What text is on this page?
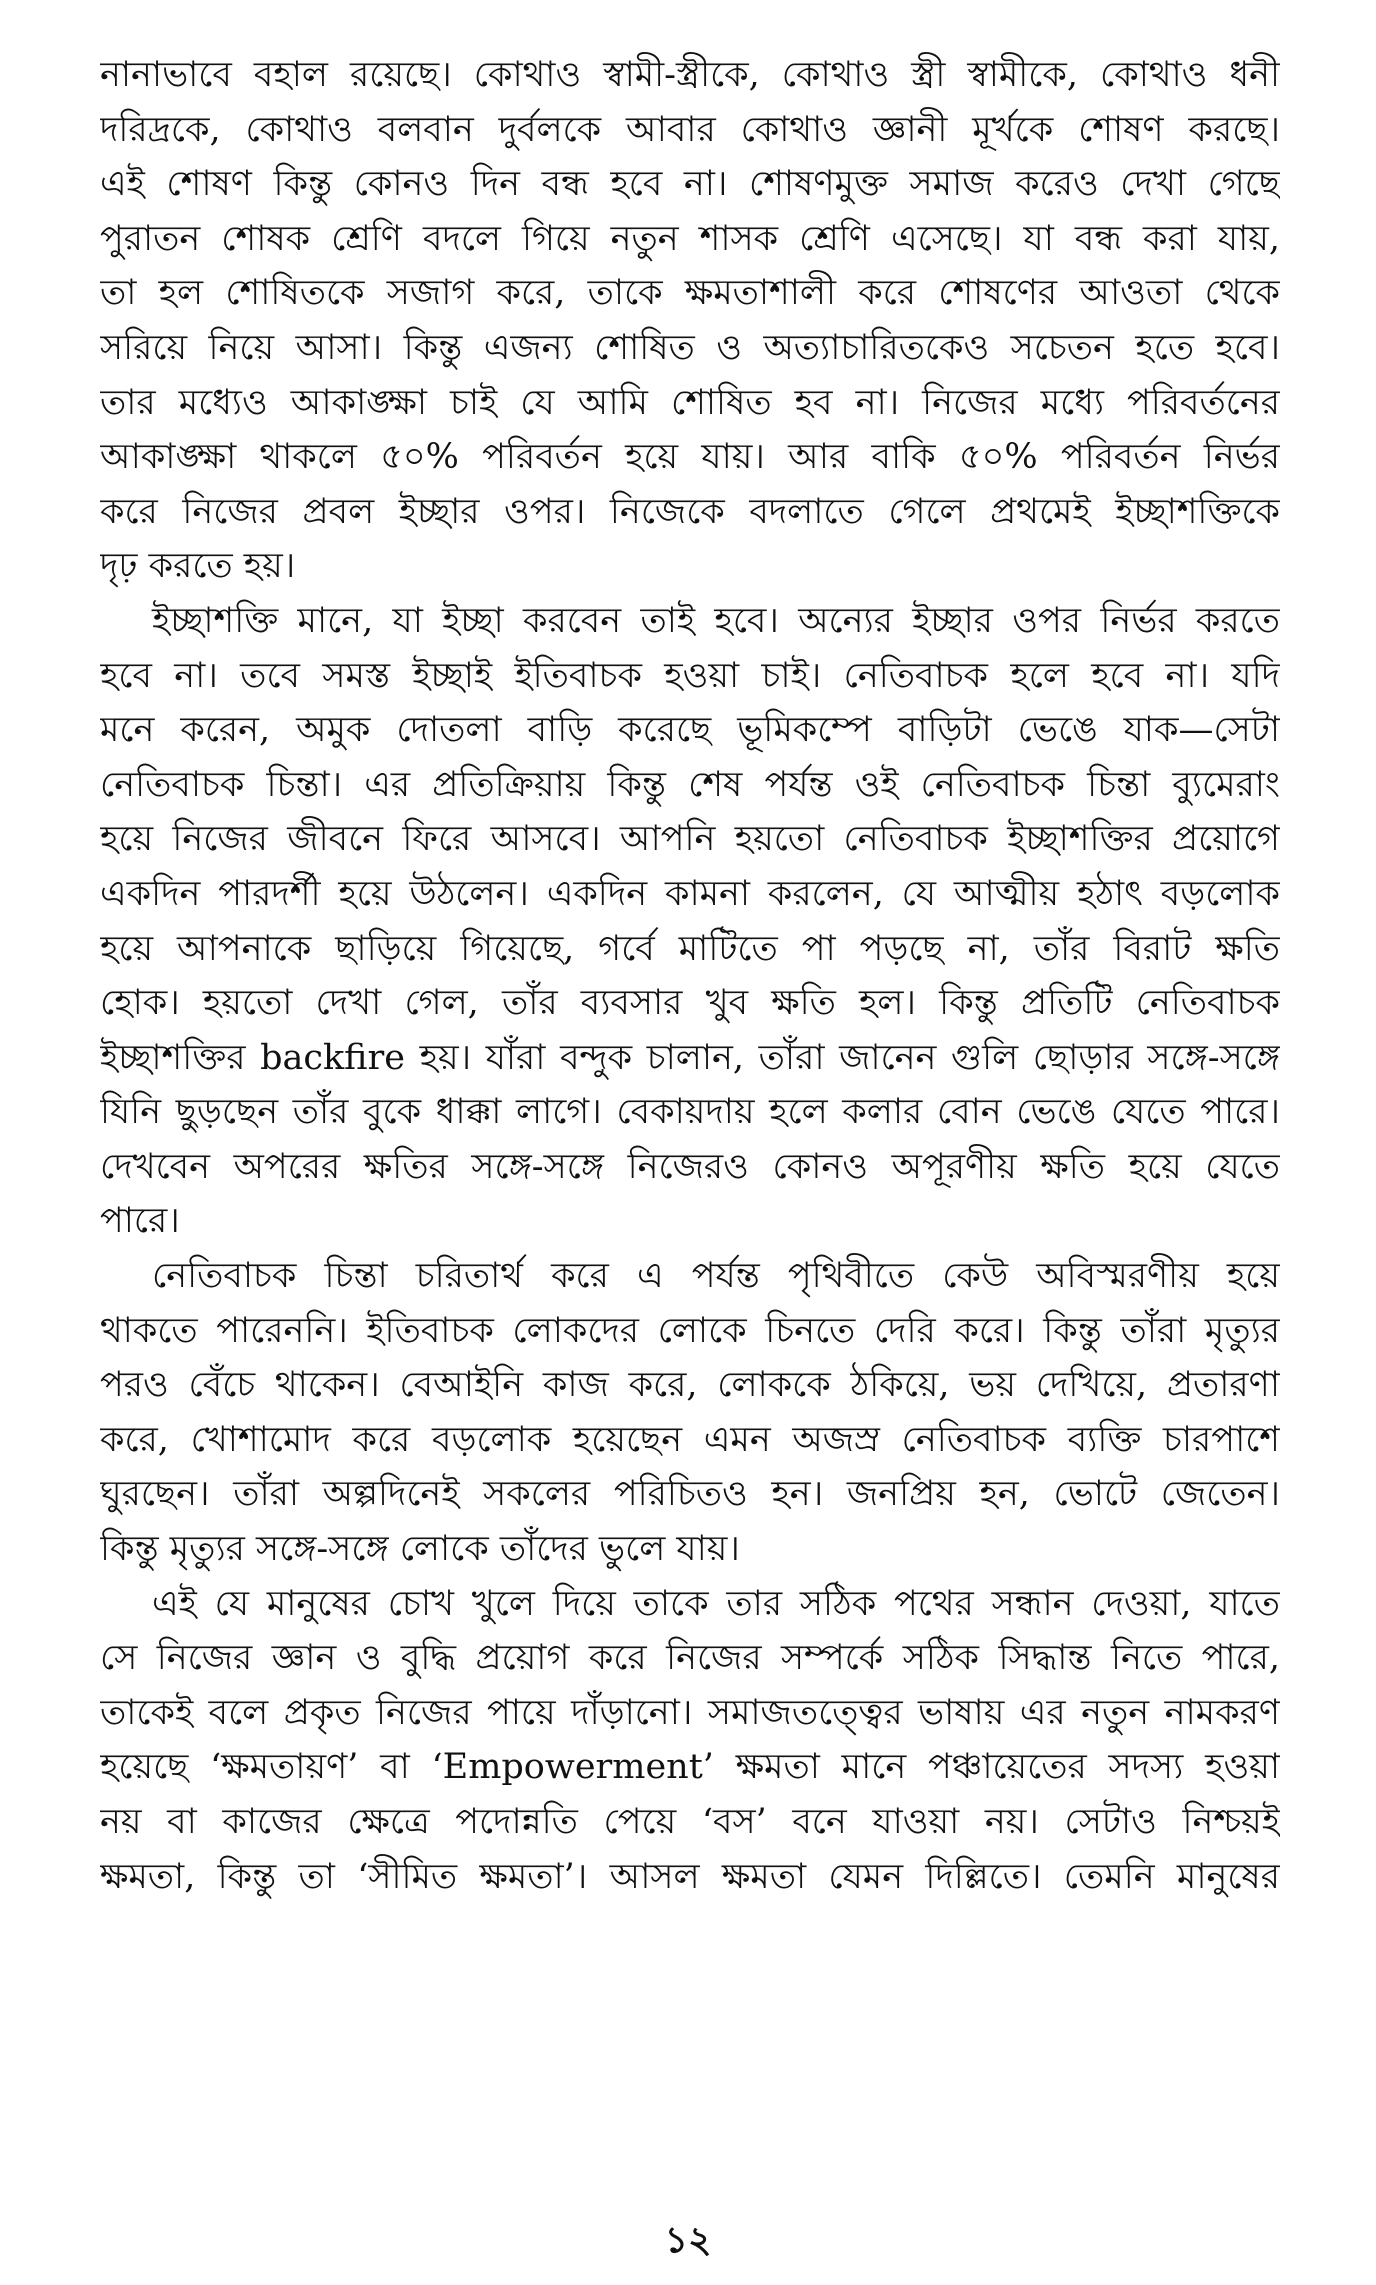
নানাভাবে বহাল রয়েছে। কোথাও স্বামী-স্ত্রীকে, কোথাও স্ত্রী স্বামীকে, কোথাও ধনী
দরিদ্রকে, কোথাও বলবান দুর্বলকে আবার কোথাও জ্ঞানী মূর্খকে শোষণ করছে।
এই শোষণ কিন্তু কোনও দিন বন্ধ হবে না। শোষণমুক্ত সমাজ করেও দেখা গেছে
পুরাতন শোষক শ্রেণি বদলে গিয়ে নতুন শাসক শ্রেণি এসেছে। যা বন্ধ করা যায়,
তা হল শোষিতকে সজাগ করে, তাকে ক্ষমতাশালী করে শোষণের আওতা থেকে
সরিয়ে নিয়ে আসা। কিন্তু এজন্য শোষিত ও অত্যাচারিতকেও সচেতন হতে হবে।
তার মধ্যেও আকাঙ্ক্ষা চাই যে আমি শোষিত হব না। নিজের মধ্যে পরিবর্তনের
আকাঙ্ক্ষা থাকলে ৫০% পরিবর্তন হয়ে যায়। আর বাকি ৫০% পরিবর্তন নির্ভর
করে নিজের প্রবল ইচ্ছার ওপর। নিজেকে বদলাতে গেলে প্রথমেই ইচ্ছাশক্তিকে
দৃঢ় করতে হয়।
ইচ্ছাশক্তি মানে, যা ইচ্ছা করবেন তাই হবে। অন্যের ইচ্ছার ওপর নির্ভর করতে
হবে না। তবে সমস্ত ইচ্ছাই ইতিবাচক হওয়া চাই। নেতিবাচক হলে হবে না। যদি
মনে করেন, অমুক দোতলা বাড়ি করেছে ভূমিকম্পে বাড়িটা ভেঙে যাক—সেটা
নেতিবাচক চিন্তা। এর প্রতিক্রিয়ায় কিন্তু শেষ পর্যন্ত ওই নেতিবাচক চিন্তা ব্যুমেরাং
হয়ে নিজের জীবনে ফিরে আসবে। আপনি হয়তো নেতিবাচক ইচ্ছাশক্তির প্রয়োগে
একদিন পারদর্শী হয়ে উঠলেন। একদিন কামনা করলেন, যে আত্মীয় হঠাৎ বড়লোক
হয়ে আপনাকে ছাড়িয়ে গিয়েছে, গর্বে মাটিতে পা পড়ছে না, তাঁর বিরাট ক্ষতি
হোক। হয়তো দেখা গেল, তাঁর ব্যবসার খুব ক্ষতি হল। কিন্তু প্রতিটি নেতিবাচক
ইচ্ছাশক্তির backfire হয়। যাঁরা বন্দুক চালান, তাঁরা জানেন গুলি ছোড়ার সঙ্গে-সঙ্গে
যিনি ছুড়ছেন তাঁর বুকে ধাক্কা লাগে। বেকায়দায় হলে কলার বোন ভেঙে যেতে পারে।
দেখবেন অপরের ক্ষতির সঙ্গে-সঙ্গে নিজেরও কোনও অপূরণীয় ক্ষতি হয়ে যেতে
পারে।
নেতিবাচক চিন্তা চরিতার্থ করে এ পর্যন্ত পৃথিবীতে কেউ অবিস্মরণীয় হয়ে
থাকতে পারেননি। ইতিবাচক লোকদের লোকে চিনতে দেরি করে। কিন্তু তাঁরা মৃত্যুর
পরও বেঁচে থাকেন। বেআইনি কাজ করে, লোককে ঠকিয়ে, ভয় দেখিয়ে, প্রতারণা
করে, খোশামোদ করে বড়লোক হয়েছেন এমন অজস্র নেতিবাচক ব্যক্তি চারপাশে
ঘুরছেন। তাঁরা অল্পদিনেই সকলের পরিচিতও হন। জনপ্রিয় হন, ভোটে জেতেন।
কিন্তু মৃত্যুর সঙ্গে-সঙ্গে লোকে তাঁদের ভুলে যায়।
এই যে মানুষের চোখ খুলে দিয়ে তাকে তার সঠিক পথের সন্ধান দেওয়া, যাতে
সে নিজের জ্ঞান ও বুদ্ধি প্রয়োগ করে নিজের সম্পর্কে সঠিক সিদ্ধান্ত নিতে পারে,
তাকেই বলে প্রকৃত নিজের পায়ে দাঁড়ানো। সমাজতত্ত্বের ভাষায় এর নতুন নামকরণ
হয়েছে ‘ক্ষমতায়ণ’ বা ‘Empowerment’ ক্ষমতা মানে পঞ্চায়েতের সদস্য হওয়া
নয় বা কাজের ক্ষেত্রে পদোন্নতি পেয়ে ‘বস’ বনে যাওয়া নয়। সেটাও নিশ্চয়ই
ক্ষমতা, কিন্তু তা ‘সীমিত ক্ষমতা’। আসল ক্ষমতা যেমন দিল্লিতে। তেমনি মানুষের
১২
